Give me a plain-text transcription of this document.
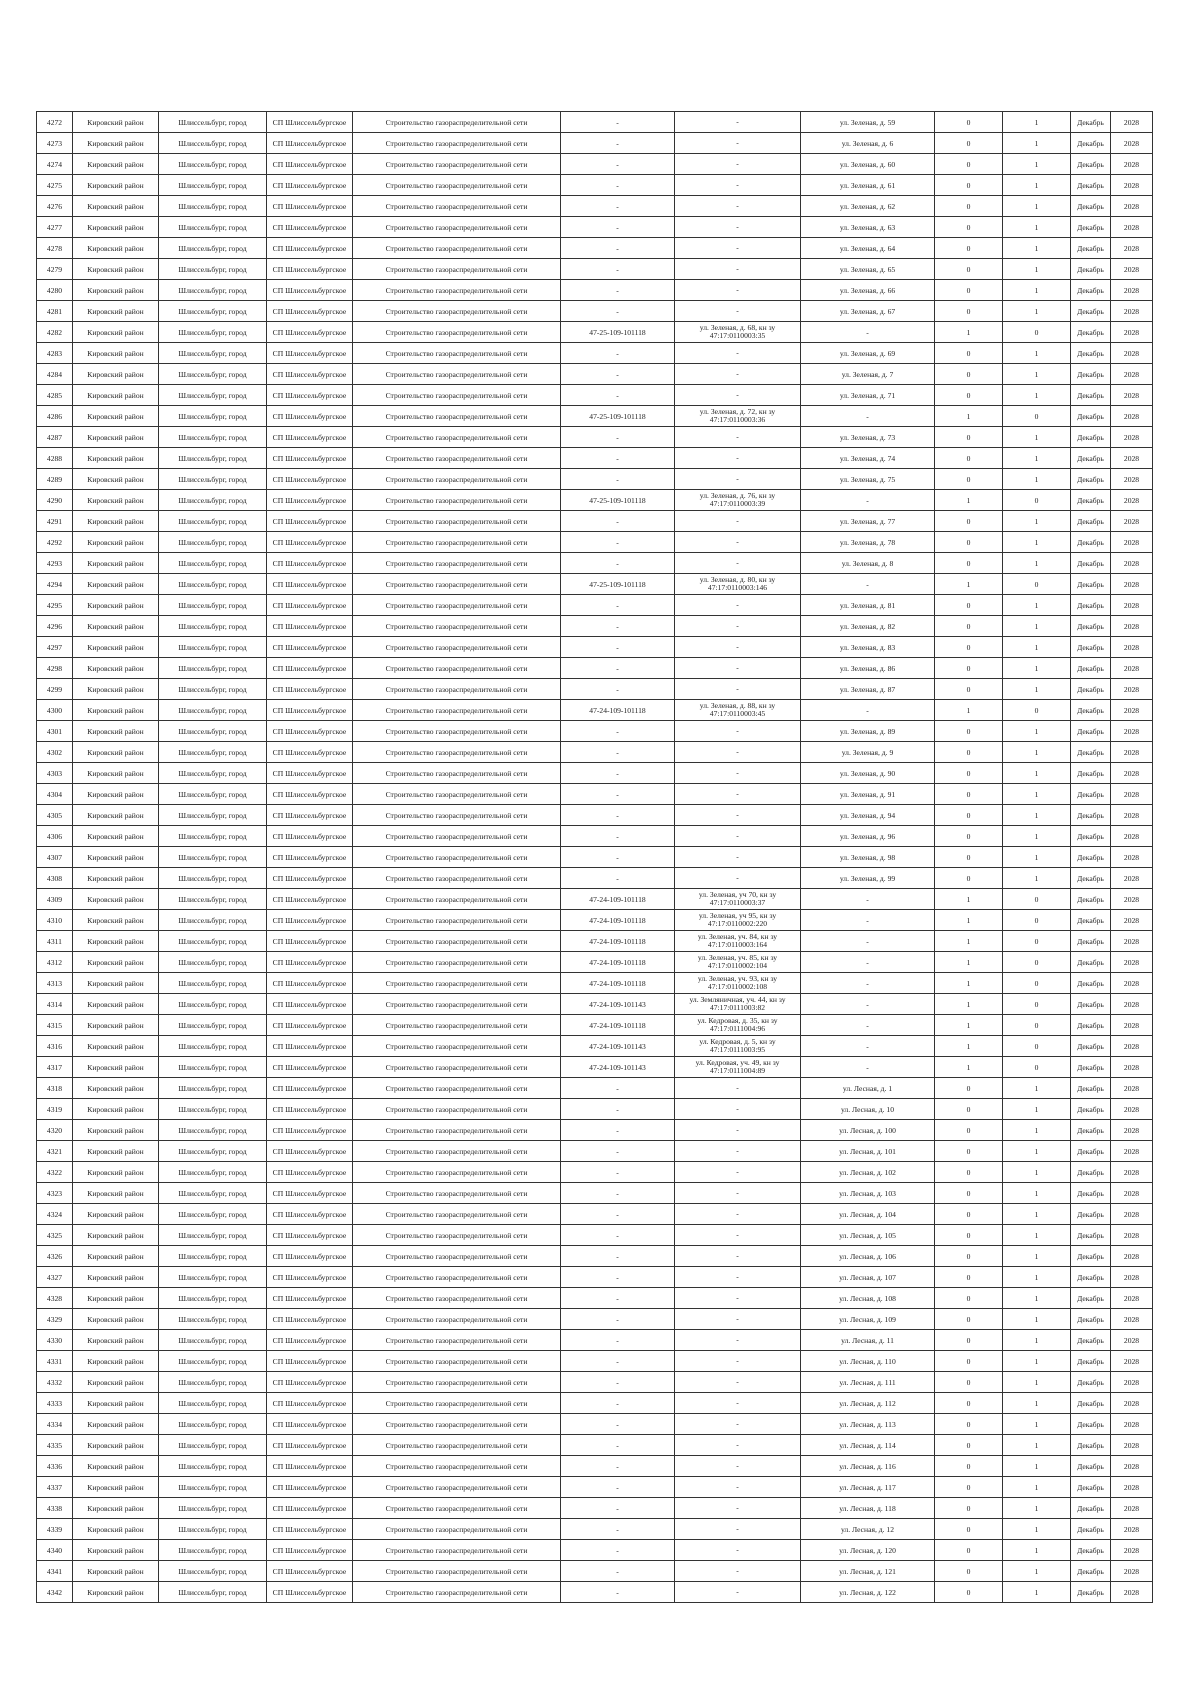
4272	Кировский район	Шлиссельбург, город	СП Шлиссельбургское	Строительство газораспределительной сети	-	-	ул. Зеленая, д. 59	0	1	Декабрь	2028
4273	Кировский район	Шлиссельбург, город	СП Шлиссельбургское	Строительство газораспределительной сети	-	-	ул. Зеленая, д. 6	0	1	Декабрь	2028
4274	Кировский район	Шлиссельбург, город	СП Шлиссельбургское	Строительство газораспределительной сети	-	-	ул. Зеленая, д. 60	0	1	Декабрь	2028
4275	Кировский район	Шлиссельбург, город	СП Шлиссельбургское	Строительство газораспределительной сети	-	-	ул. Зеленая, д. 61	0	1	Декабрь	2028
4276	Кировский район	Шлиссельбург, город	СП Шлиссельбургское	Строительство газораспределительной сети	-	-	ул. Зеленая, д. 62	0	1	Декабрь	2028
4277	Кировский район	Шлиссельбург, город	СП Шлиссельбургское	Строительство газораспределительной сети	-	-	ул. Зеленая, д. 63	0	1	Декабрь	2028
4278	Кировский район	Шлиссельбург, город	СП Шлиссельбургское	Строительство газораспределительной сети	-	-	ул. Зеленая, д. 64	0	1	Декабрь	2028
4279	Кировский район	Шлиссельбург, город	СП Шлиссельбургское	Строительство газораспределительной сети	-	-	ул. Зеленая, д. 65	0	1	Декабрь	2028
4280	Кировский район	Шлиссельбург, город	СП Шлиссельбургское	Строительство газораспределительной сети	-	-	ул. Зеленая, д. 66	0	1	Декабрь	2028
4281	Кировский район	Шлиссельбург, город	СП Шлиссельбургское	Строительство газораспределительной сети	-	-	ул. Зеленая, д. 67	0	1	Декабрь	2028
4282	Кировский район	Шлиссельбург, город	СП Шлиссельбургское	Строительство газораспределительной сети	47-25-109-101118	ул. Зеленая, д. 68, кн зу 47:17:0110003:35	-	1	0	Декабрь	2028
4283	Кировский район	Шлиссельбург, город	СП Шлиссельбургское	Строительство газораспределительной сети	-	-	ул. Зеленая, д. 69	0	1	Декабрь	2028
4284	Кировский район	Шлиссельбург, город	СП Шлиссельбургское	Строительство газораспределительной сети	-	-	ул. Зеленая, д. 7	0	1	Декабрь	2028
4285	Кировский район	Шлиссельбург, город	СП Шлиссельбургское	Строительство газораспределительной сети	-	-	ул. Зеленая, д. 71	0	1	Декабрь	2028
4286	Кировский район	Шлиссельбург, город	СП Шлиссельбургское	Строительство газораспределительной сети	47-25-109-101118	ул. Зеленая, д. 72, кн зу 47:17:0110003:36	-	1	0	Декабрь	2028
4287	Кировский район	Шлиссельбург, город	СП Шлиссельбургское	Строительство газораспределительной сети	-	-	ул. Зеленая, д. 73	0	1	Декабрь	2028
4288	Кировский район	Шлиссельбург, город	СП Шлиссельбургское	Строительство газораспределительной сети	-	-	ул. Зеленая, д. 74	0	1	Декабрь	2028
4289	Кировский район	Шлиссельбург, город	СП Шлиссельбургское	Строительство газораспределительной сети	-	-	ул. Зеленая, д. 75	0	1	Декабрь	2028
4290	Кировский район	Шлиссельбург, город	СП Шлиссельбургское	Строительство газораспределительной сети	47-25-109-101118	ул. Зеленая, д. 76, кн зу 47:17:0110003:39	-	1	0	Декабрь	2028
4291	Кировский район	Шлиссельбург, город	СП Шлиссельбургское	Строительство газораспределительной сети	-	-	ул. Зеленая, д. 77	0	1	Декабрь	2028
4292	Кировский район	Шлиссельбург, город	СП Шлиссельбургское	Строительство газораспределительной сети	-	-	ул. Зеленая, д. 78	0	1	Декабрь	2028
4293	Кировский район	Шлиссельбург, город	СП Шлиссельбургское	Строительство газораспределительной сети	-	-	ул. Зеленая, д. 8	0	1	Декабрь	2028
4294	Кировский район	Шлиссельбург, город	СП Шлиссельбургское	Строительство газораспределительной сети	47-25-109-101118	ул. Зеленая, д. 80, кн зу 47:17:0110003:146	-	1	0	Декабрь	2028
4295	Кировский район	Шлиссельбург, город	СП Шлиссельбургское	Строительство газораспределительной сети	-	-	ул. Зеленая, д. 81	0	1	Декабрь	2028
4296	Кировский район	Шлиссельбург, город	СП Шлиссельбургское	Строительство газораспределительной сети	-	-	ул. Зеленая, д. 82	0	1	Декабрь	2028
4297	Кировский район	Шлиссельбург, город	СП Шлиссельбургское	Строительство газораспределительной сети	-	-	ул. Зеленая, д. 83	0	1	Декабрь	2028
4298	Кировский район	Шлиссельбург, город	СП Шлиссельбургское	Строительство газораспределительной сети	-	-	ул. Зеленая, д. 86	0	1	Декабрь	2028
4299	Кировский район	Шлиссельбург, город	СП Шлиссельбургское	Строительство газораспределительной сети	-	-	ул. Зеленая, д. 87	0	1	Декабрь	2028
4300	Кировский район	Шлиссельбург, город	СП Шлиссельбургское	Строительство газораспределительной сети	47-24-109-101118	ул. Зеленая, д. 88, кн зу 47:17:0110003:45	-	1	0	Декабрь	2028
4301	Кировский район	Шлиссельбург, город	СП Шлиссельбургское	Строительство газораспределительной сети	-	-	ул. Зеленая, д. 89	0	1	Декабрь	2028
4302	Кировский район	Шлиссельбург, город	СП Шлиссельбургское	Строительство газораспределительной сети	-	-	ул. Зеленая, д. 9	0	1	Декабрь	2028
4303	Кировский район	Шлиссельбург, город	СП Шлиссельбургское	Строительство газораспределительной сети	-	-	ул. Зеленая, д. 90	0	1	Декабрь	2028
4304	Кировский район	Шлиссельбург, город	СП Шлиссельбургское	Строительство газораспределительной сети	-	-	ул. Зеленая, д. 91	0	1	Декабрь	2028
4305	Кировский район	Шлиссельбург, город	СП Шлиссельбургское	Строительство газораспределительной сети	-	-	ул. Зеленая, д. 94	0	1	Декабрь	2028
4306	Кировский район	Шлиссельбург, город	СП Шлиссельбургское	Строительство газораспределительной сети	-	-	ул. Зеленая, д. 96	0	1	Декабрь	2028
4307	Кировский район	Шлиссельбург, город	СП Шлиссельбургское	Строительство газораспределительной сети	-	-	ул. Зеленая, д. 98	0	1	Декабрь	2028
4308	Кировский район	Шлиссельбург, город	СП Шлиссельбургское	Строительство газораспределительной сети	-	-	ул. Зеленая, д. 99	0	1	Декабрь	2028
4309	Кировский район	Шлиссельбург, город	СП Шлиссельбургское	Строительство газораспределительной сети	47-24-109-101118	ул. Зеленая, уч 70, кн зу 47:17:0110003:37	-	1	0	Декабрь	2028
4310	Кировский район	Шлиссельбург, город	СП Шлиссельбургское	Строительство газораспределительной сети	47-24-109-101118	ул. Зеленая, уч 95, кн зу 47:17:0110002:220	-	1	0	Декабрь	2028
4311	Кировский район	Шлиссельбург, город	СП Шлиссельбургское	Строительство газораспределительной сети	47-24-109-101118	ул. Зеленая, уч. 84, кн зу 47:17:0110003:164	-	1	0	Декабрь	2028
4312	Кировский район	Шлиссельбург, город	СП Шлиссельбургское	Строительство газораспределительной сети	47-24-109-101118	ул. Зеленая, уч. 85, кн зу 47:17:0110002:104	-	1	0	Декабрь	2028
4313	Кировский район	Шлиссельбург, город	СП Шлиссельбургское	Строительство газораспределительной сети	47-24-109-101118	ул. Зеленая, уч. 93, кн зу 47:17:0110002:108	-	1	0	Декабрь	2028
4314	Кировский район	Шлиссельбург, город	СП Шлиссельбургское	Строительство газораспределительной сети	47-24-109-101143	ул. Земляничная, уч. 44, кн зу 47:17:0111003:82	-	1	0	Декабрь	2028
4315	Кировский район	Шлиссельбург, город	СП Шлиссельбургское	Строительство газораспределительной сети	47-24-109-101118	ул. Кедровая, д. 35, кн зу 47:17:0111004:96	-	1	0	Декабрь	2028
4316	Кировский район	Шлиссельбург, город	СП Шлиссельбургское	Строительство газораспределительной сети	47-24-109-101143	ул. Кедровая, д. 5, кн зу 47:17:0111003:95	-	1	0	Декабрь	2028
4317	Кировский район	Шлиссельбург, город	СП Шлиссельбургское	Строительство газораспределительной сети	47-24-109-101143	ул. Кедровая, уч. 49, кн зу 47:17:0111004:89	-	1	0	Декабрь	2028
4318	Кировский район	Шлиссельбург, город	СП Шлиссельбургское	Строительство газораспределительной сети	-	-	ул. Лесная, д. 1	0	1	Декабрь	2028
4319	Кировский район	Шлиссельбург, город	СП Шлиссельбургское	Строительство газораспределительной сети	-	-	ул. Лесная, д. 10	0	1	Декабрь	2028
4320	Кировский район	Шлиссельбург, город	СП Шлиссельбургское	Строительство газораспределительной сети	-	-	ул. Лесная, д. 100	0	1	Декабрь	2028
4321	Кировский район	Шлиссельбург, город	СП Шлиссельбургское	Строительство газораспределительной сети	-	-	ул. Лесная, д. 101	0	1	Декабрь	2028
4322	Кировский район	Шлиссельбург, город	СП Шлиссельбургское	Строительство газораспределительной сети	-	-	ул. Лесная, д. 102	0	1	Декабрь	2028
4323	Кировский район	Шлиссельбург, город	СП Шлиссельбургское	Строительство газораспределительной сети	-	-	ул. Лесная, д. 103	0	1	Декабрь	2028
4324	Кировский район	Шлиссельбург, город	СП Шлиссельбургское	Строительство газораспределительной сети	-	-	ул. Лесная, д. 104	0	1	Декабрь	2028
4325	Кировский район	Шлиссельбург, город	СП Шлиссельбургское	Строительство газораспределительной сети	-	-	ул. Лесная, д. 105	0	1	Декабрь	2028
4326	Кировский район	Шлиссельбург, город	СП Шлиссельбургское	Строительство газораспределительной сети	-	-	ул. Лесная, д. 106	0	1	Декабрь	2028
4327	Кировский район	Шлиссельбург, город	СП Шлиссельбургское	Строительство газораспределительной сети	-	-	ул. Лесная, д. 107	0	1	Декабрь	2028
4328	Кировский район	Шлиссельбург, город	СП Шлиссельбургское	Строительство газораспределительной сети	-	-	ул. Лесная, д. 108	0	1	Декабрь	2028
4329	Кировский район	Шлиссельбург, город	СП Шлиссельбургское	Строительство газораспределительной сети	-	-	ул. Лесная, д. 109	0	1	Декабрь	2028
4330	Кировский район	Шлиссельбург, город	СП Шлиссельбургское	Строительство газораспределительной сети	-	-	ул. Лесная, д. 11	0	1	Декабрь	2028
4331	Кировский район	Шлиссельбург, город	СП Шлиссельбургское	Строительство газораспределительной сети	-	-	ул. Лесная, д. 110	0	1	Декабрь	2028
4332	Кировский район	Шлиссельбург, город	СП Шлиссельбургское	Строительство газораспределительной сети	-	-	ул. Лесная, д. 111	0	1	Декабрь	2028
4333	Кировский район	Шлиссельбург, город	СП Шлиссельбургское	Строительство газораспределительной сети	-	-	ул. Лесная, д. 112	0	1	Декабрь	2028
4334	Кировский район	Шлиссельбург, город	СП Шлиссельбургское	Строительство газораспределительной сети	-	-	ул. Лесная, д. 113	0	1	Декабрь	2028
4335	Кировский район	Шлиссельбург, город	СП Шлиссельбургское	Строительство газораспределительной сети	-	-	ул. Лесная, д. 114	0	1	Декабрь	2028
4336	Кировский район	Шлиссельбург, город	СП Шлиссельбургское	Строительство газораспределительной сети	-	-	ул. Лесная, д. 116	0	1	Декабрь	2028
4337	Кировский район	Шлиссельбург, город	СП Шлиссельбургское	Строительство газораспределительной сети	-	-	ул. Лесная, д. 117	0	1	Декабрь	2028
4338	Кировский район	Шлиссельбург, город	СП Шлиссельбургское	Строительство газораспределительной сети	-	-	ул. Лесная, д. 118	0	1	Декабрь	2028
4339	Кировский район	Шлиссельбург, город	СП Шлиссельбургское	Строительство газораспределительной сети	-	-	ул. Лесная, д. 12	0	1	Декабрь	2028
4340	Кировский район	Шлиссельбург, город	СП Шлиссельбургское	Строительство газораспределительной сети	-	-	ул. Лесная, д. 120	0	1	Декабрь	2028
4341	Кировский район	Шлиссельбург, город	СП Шлиссельбургское	Строительство газораспределительной сети	-	-	ул. Лесная, д. 121	0	1	Декабрь	2028
4342	Кировский район	Шлиссельбург, город	СП Шлиссельбургское	Строительство газораспределительной сети	-	-	ул. Лесная, д. 122	0	1	Декабрь	2028
